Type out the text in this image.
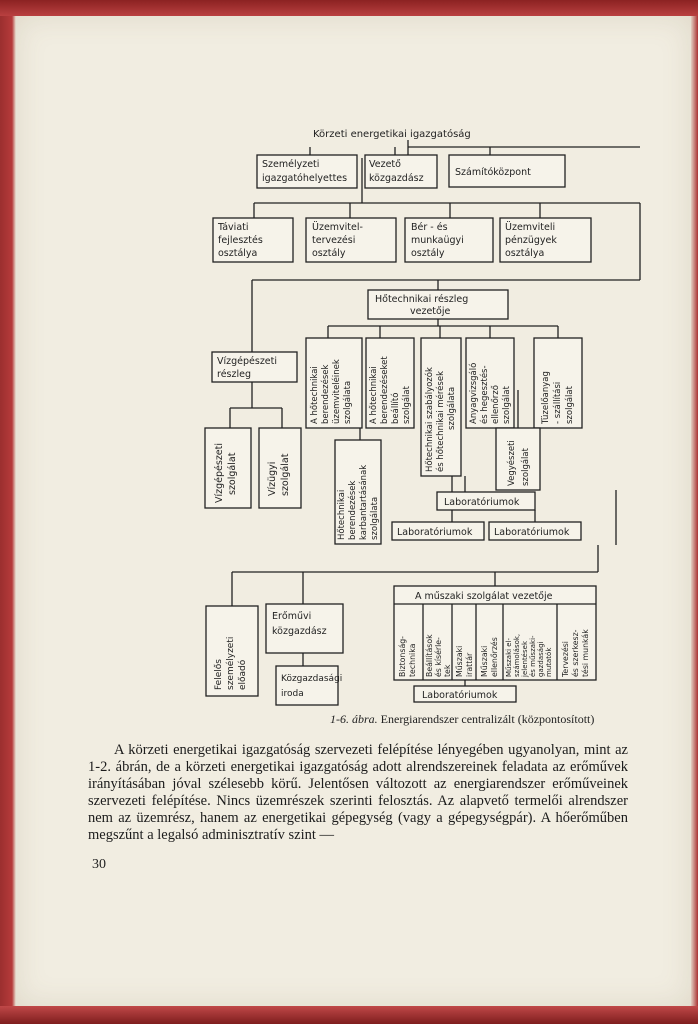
Körzeti energetikai igazgatóság
Személyzeti
igazgatóhelyettes
Vezető
közgazdász
Számítóközpont
Táviati
fejlesztés
osztálya
Üzemvitel-
tervezési
osztály
Bér - és
munkaügyi
osztály
Üzemviteli
pénzügyek
osztálya
Hőtechnikai részleg
vezetője
Vízgépészeti
részleg
Vízgépészeti szolgálat	Vízügyi szolgálat
A hőtechnikai berendezések üzemviteléinek szolgálata A hőtechnikai berendezéseket beállító szolgálat Hőtechnikai szabályozók és hőtechnikai mérések szolgálata Anyagvizsgáló és hegesztés- ellenőrző szolgálat	Tüzelőanyag - szállítási szolgálat
Hőtechnikai berendezések karbantartásának szolgálata
Vegyészeti szolgálat
Laboratóriumok
Laboratóriumok Laboratóriumok
Felelős személyzeti előadó
Erőművi
közgazdász
Közgazdasági
iroda
A műszaki szolgálat vezetője
Biztonság- technika Beállítások és kísérle- tek Műszaki irattár Műszaki ellenőrzés Műszaki el- számolások, jelentések és műszaki- gazdasági mutatók Tervezési és szerkesz- tési munkák
Laboratóriumok
1-6. ábra. Energiarendszer centralizált (központosított)

A körzeti energetikai igazgatóság szervezeti felépítése lényegében ugyanolyan, mint az 1-2. ábrán, de a körzeti energetikai igazgatóság adott alrendszereinek feladata az erőművek irányításában jóval szélesebb körű. Jelentősen változott az energiarendszer erőműveinek szervezeti felépítése. Nincs üzemrészek szerinti felosztás. Az alapvető termelői alrendszer nem az üzemrész, hanem az energetikai gépegység (vagy a gépegységpár). A hőerőműben megszűnt a legalsó adminisztratív szint —

30
